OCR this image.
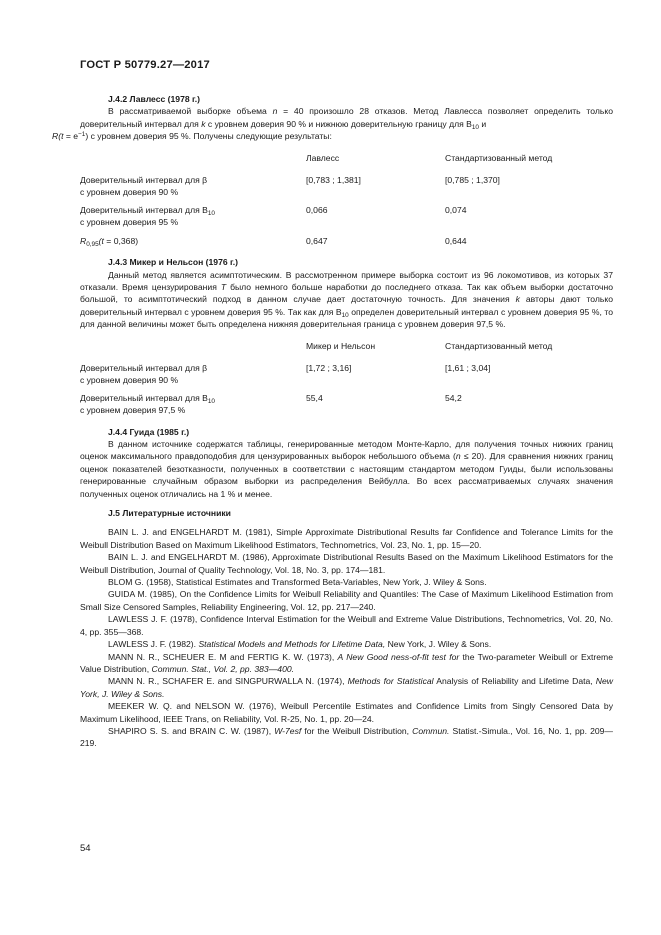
ГОСТ Р 50779.27—2017
J.4.2 Лавлесс (1978 г.)

В рассматриваемой выборке объема n = 40 произошло 28 отказов. Метод Лавлесса позволяет определить только доверительный интервал для k с уровнем доверия 90 % и нижнюю доверительную границу для $B_{10}$ и
$R(t = e^{-1})$ с уровнем доверия 95 %. Получены следующие результаты:

	Лавлесс	Стандартизованный метод
Доверительный интервал для β
с уровнем доверия 90 %	[0,783 ; 1,381]	[0,785 ; 1,370]
Доверительный интервал для $B_{10}$
с уровнем доверия 95 %	0,066	0,074
$R_{0,95}(t = 0,368)$	0,647	0,644
J.4.3 Микер и Нельсон (1976 г.)

Данный метод является асимптотическим. В рассмотренном примере выборка состоит из 96 локомотивов, из которых 37 отказали. Время цензурирования T было немного больше наработки до последнего отказа. Так как объем выборки достаточно большой, то асимптотический подход в данном случае дает достаточную точность. Для значения k авторы дают только доверительный интервал с уровнем доверия 95 %. Так как для $B_{10}$ определен доверительный интервал с уровнем доверия 95 %, то для данной величины может быть определена нижняя доверительная граница с уровнем доверия 97,5 %.

	Микер и Нельсон	Стандартизованный метод
Доверительный интервал для β
с уровнем доверия 90 %	[1,72 ; 3,16]	[1,61 ; 3,04]
Доверительный интервал для $B_{10}$
с уровнем доверия 97,5 %	55,4	54,2
J.4.4 Гуида (1985 г.)

В данном источнике содержатся таблицы, генерированные методом Монте-Карло, для получения точных нижних границ оценок максимального правдоподобия для цензурированных выборок небольшого объема (n ≤ 20). Для сравнения нижних границ оценок показателей безотказности, полученных в соответствии с настоящим стандартом методом Гуиды, были использованы генерированные случайным образом выборки из распределения Вейбулла. Во всех рассматриваемых случаях значения полученных оценок отличались на 1 % и менее.

J.5 Литературные источники

BAIN L. J. and ENGELHARDT M. (1981), Simple Approximate Distributional Results far Confidence and Tolerance Limits for the Weibull Distribution Based on Maximum Likelihood Estimators, Technometrics, Vol. 23, No. 1, pp. 15—20.

BAIN L. J. and ENGELHARDT M. (1986), Approximate Distributional Results Based on the Maximum Likelihood Estimators for the Weibull Distribution, Journal of Quality Technology, Vol. 18, No. 3, pp. 174—181.

BLOM G. (1958), Statistical Estimates and Transformed Beta-Variables, New York, J. Wiley & Sons.

GUIDA M. (1985), On the Confidence Limits for Weibull Reliability and Quantiles: The Case of Maximum Likelihood Estimation from Small Size Censored Samples, Reliability Engineering, Vol. 12, pp. 217—240.

LAWLESS J. F. (1978), Confidence Interval Estimation for the Weibull and Extreme Value Distributions, Technometrics, Vol. 20, No. 4, pp. 355—368.

LAWLESS J. F. (1982). Statistical Models and Methods for Lifetime Data, New York, J. Wiley & Sons.

MANN N. R., SCHEUER E. M and FERTIG K. W. (1973), A New Good ness-of-fit test for the Two-parameter Weibull or Extreme Value Distribution, Commun. Stat., Vol. 2, pp. 383—400.

MANN N. R., SCHAFER E. and SINGPURWALLA N. (1974), Methods for Statistical Analysis of Reliability and Lifetime Data, New York, J. Wiley & Sons.

MEEKER W. Q. and NELSON W. (1976), Weibull Percentile Estimates and Confidence Limits from Singly Censored Data by Maximum Likelihood, IEEE Trans, on Reliability, Vol. R-25, No. 1, pp. 20—24.

SHAPIRO S. S. and BRAIN C. W. (1987), W-7esf for the Weibull Distribution, Commun. Statist.-Simula., Vol. 16, No. 1, pp. 209—219.

54
